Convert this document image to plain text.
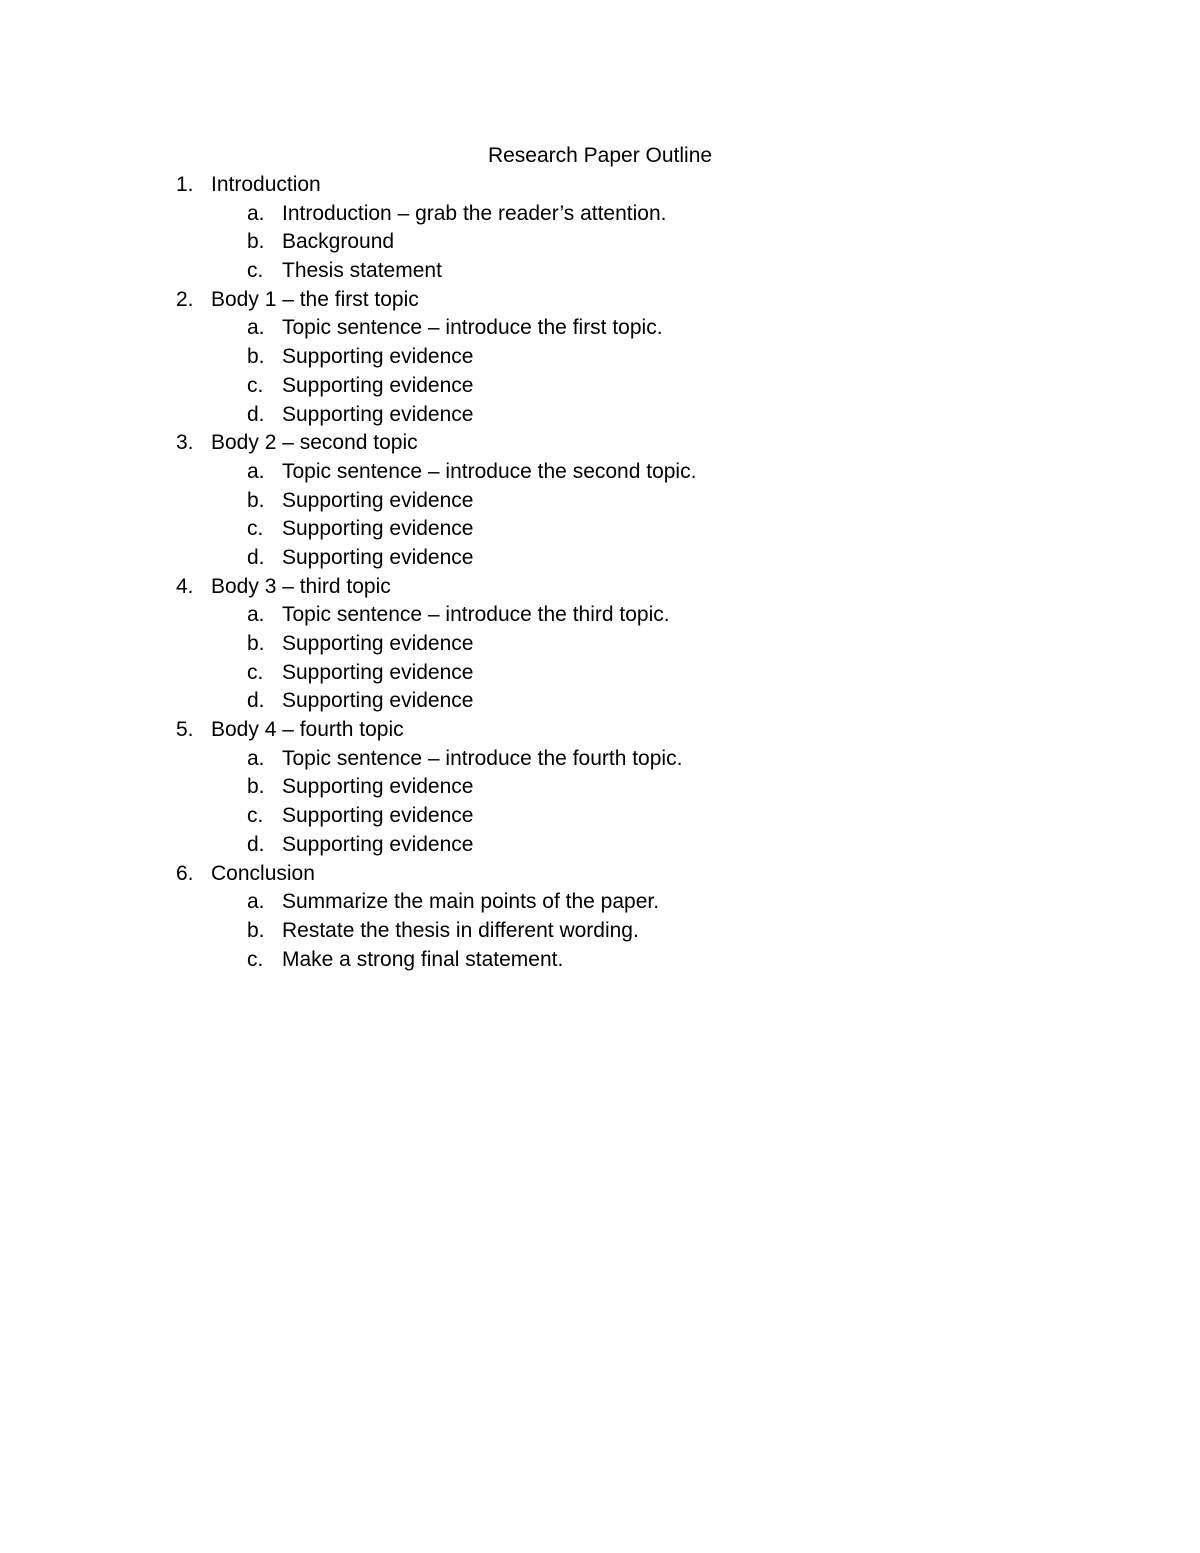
Research Paper Outline
1. Introduction
a. Introduction – grab the reader’s attention.
b. Background
c. Thesis statement
2. Body 1 – the first topic
a. Topic sentence – introduce the first topic.
b. Supporting evidence
c. Supporting evidence
d. Supporting evidence
3. Body 2 – second topic
a. Topic sentence – introduce the second topic.
b. Supporting evidence
c. Supporting evidence
d. Supporting evidence
4. Body 3 – third topic
a. Topic sentence – introduce the third topic.
b. Supporting evidence
c. Supporting evidence
d. Supporting evidence
5. Body 4 – fourth topic
a. Topic sentence – introduce the fourth topic.
b. Supporting evidence
c. Supporting evidence
d. Supporting evidence
6. Conclusion
a. Summarize the main points of the paper.
b. Restate the thesis in different wording.
c. Make a strong final statement.
